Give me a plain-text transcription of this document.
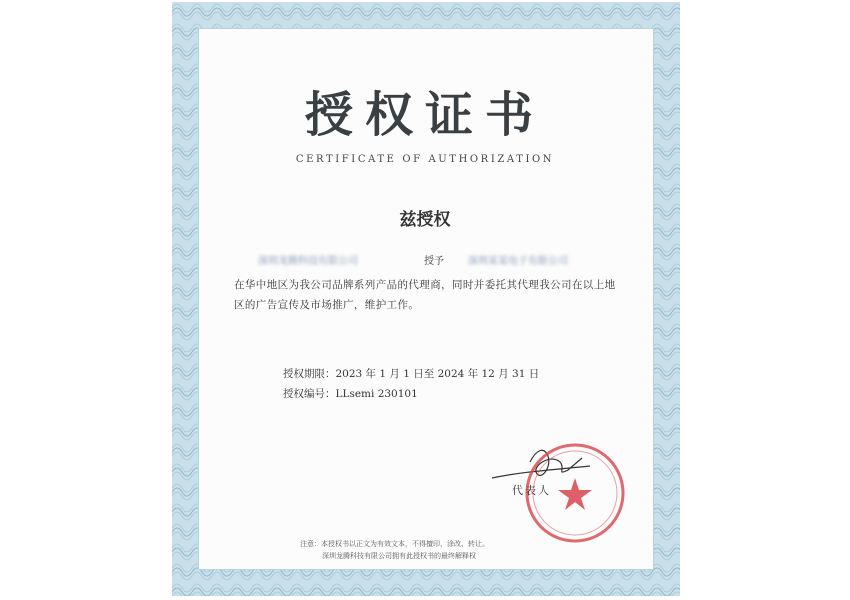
授权证书
CERTIFICATE OF AUTHORIZATION
兹授权
深圳龙腾科技有限公司	授予 深圳某某电子有限公司
在华中地区为我公司品牌系列产品的代理商，同时并委托其代理我公司在以上地区的广告宣传及市场推广，维护工作。
授权期限：2023 年 1 月 1 日至 2024 年 12 月 31 日
授权编号：LLsemi 230101
代表人
注意：本授权书以正文为有效文本，不得擅印、涂改、转让。
深圳龙腾科技有限公司拥有此授权书的最终解释权
